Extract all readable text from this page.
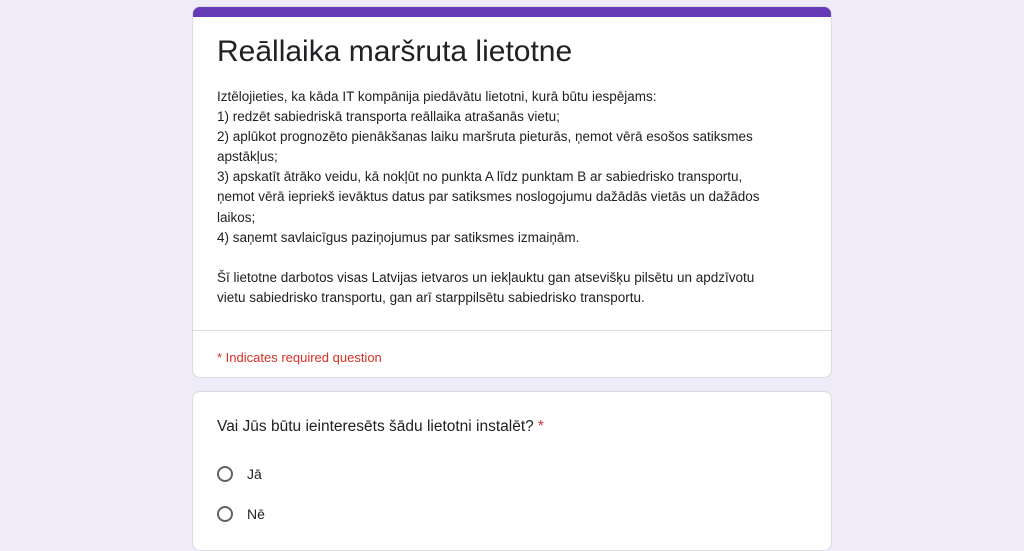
Reāllaika maršruta lietotne
Iztēlojieties, ka kāda IT kompānija piedāvātu lietotni, kurā būtu iespējams:
1) redzēt sabiedriskā transporta reāllaika atrašanās vietu;
2) aplūkot prognozēto pienākšanas laiku maršruta pieturās, ņemot vērā esošos satiksmes
apstākļus;
3) apskatīt ātrāko veidu, kā nokļūt no punkta A līdz punktam B ar sabiedrisko transportu,
ņemot vērā iepriekš ievāktus datus par satiksmes noslogojumu dažādās vietās un dažādos
laikos;
4) saņemt savlaicīgus paziņojumus par satiksmes izmaiņām.
Šī lietotne darbotos visas Latvijas ietvaros un iekļauktu gan atsevišķu pilsētu un apdzīvotu
vietu sabiedrisko transportu, gan arī starppilsētu sabiedrisko transportu.
* Indicates required question
Vai Jūs būtu ieinteresēts šādu lietotni instalēt? *
Jā
Nē
